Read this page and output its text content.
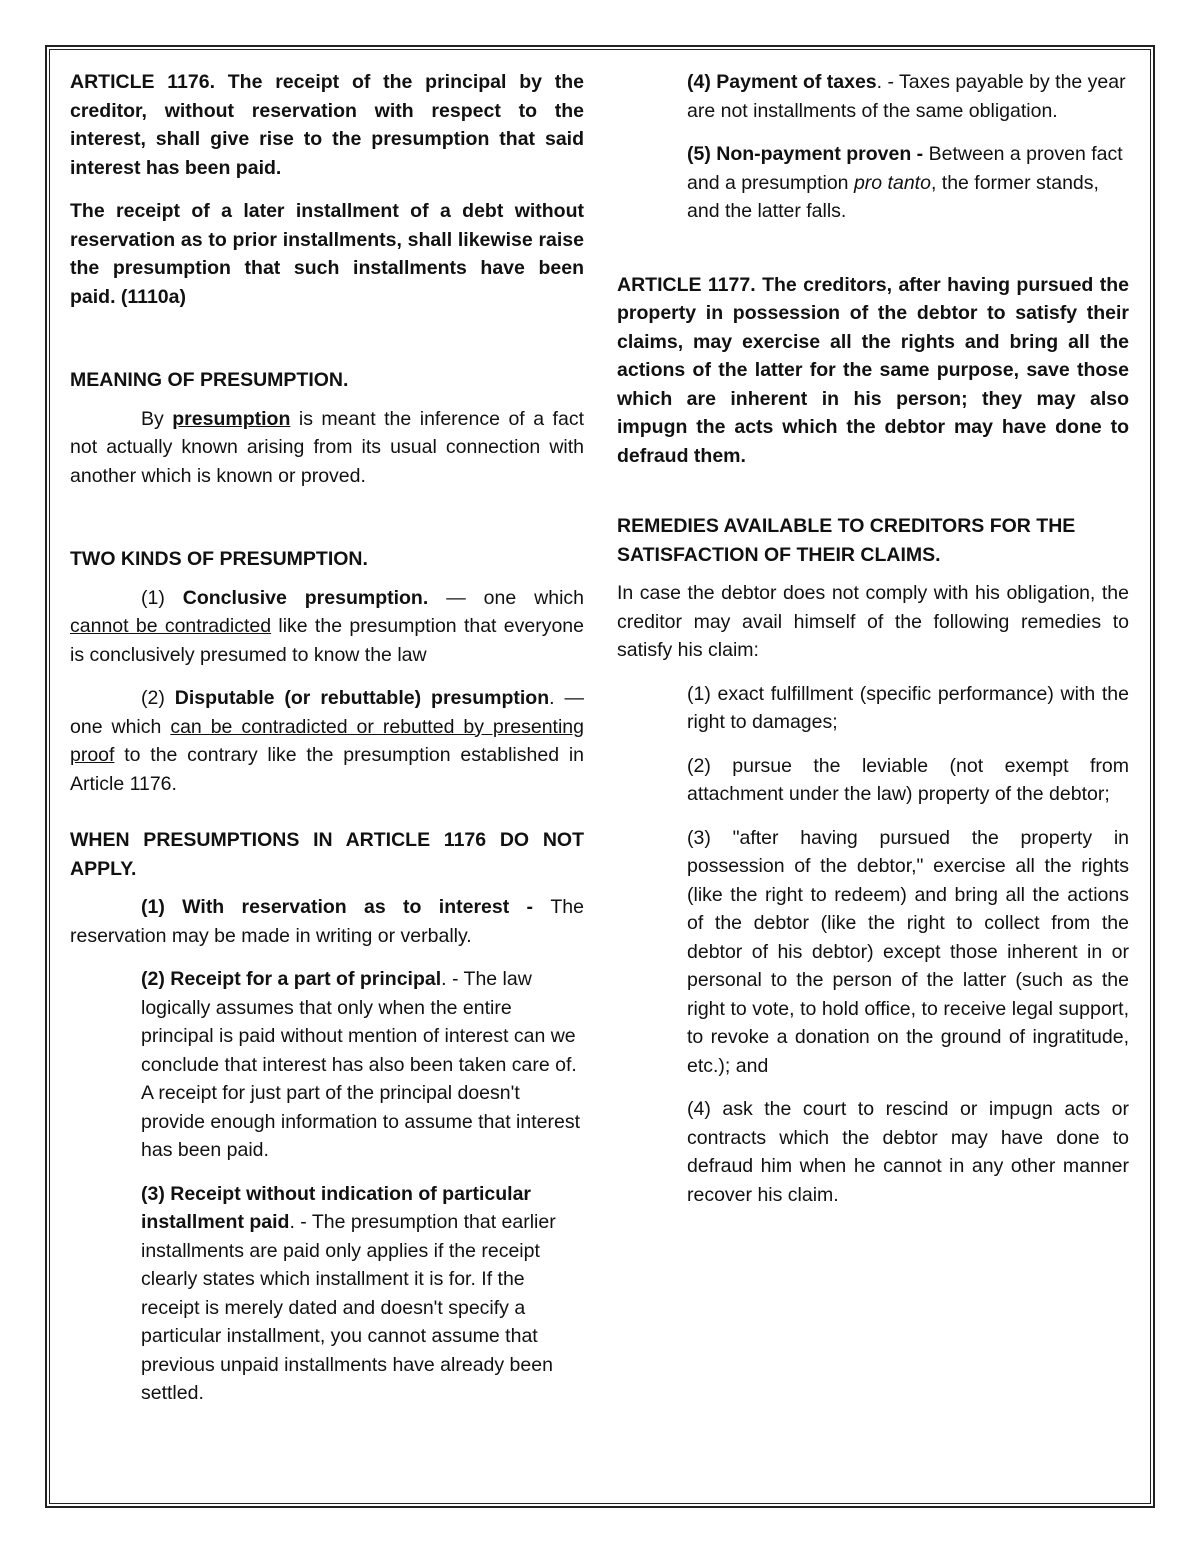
ARTICLE 1176. The receipt of the principal by the creditor, without reservation with respect to the interest, shall give rise to the presumption that said interest has been paid.

The receipt of a later installment of a debt without reservation as to prior installments, shall likewise raise the presumption that such installments have been paid. (1110a)

MEANING OF PRESUMPTION.

By presumption is meant the inference of a fact not actually known arising from its usual connection with another which is known or proved.

TWO KINDS OF PRESUMPTION.

(1) Conclusive presumption. — one which cannot be contradicted like the presumption that everyone is conclusively presumed to know the law

(2) Disputable (or rebuttable) presumption. — one which can be contradicted or rebutted by presenting proof to the contrary like the presumption established in Article 1176.

WHEN PRESUMPTIONS IN ARTICLE 1176 DO NOT APPLY.

(1) With reservation as to interest - The reservation may be made in writing or verbally.

(2) Receipt for a part of principal. - The law logically assumes that only when the entire principal is paid without mention of interest can we conclude that interest has also been taken care of. A receipt for just part of the principal doesn't provide enough information to assume that interest has been paid.

(3) Receipt without indication of particular installment paid. - The presumption that earlier installments are paid only applies if the receipt clearly states which installment it is for. If the receipt is merely dated and doesn't specify a particular installment, you cannot assume that previous unpaid installments have already been settled.

(4) Payment of taxes. - Taxes payable by the year are not installments of the same obligation.

(5) Non-payment proven - Between a proven fact and a presumption pro tanto, the former stands, and the latter falls.

ARTICLE 1177. The creditors, after having pursued the property in possession of the debtor to satisfy their claims, may exercise all the rights and bring all the actions of the latter for the same purpose, save those which are inherent in his person; they may also impugn the acts which the debtor may have done to defraud them.

REMEDIES AVAILABLE TO CREDITORS FOR THE SATISFACTION OF THEIR CLAIMS.

In case the debtor does not comply with his obligation, the creditor may avail himself of the following remedies to satisfy his claim:

(1) exact fulfillment (specific performance) with the right to damages;

(2) pursue the leviable (not exempt from attachment under the law) property of the debtor;

(3) "after having pursued the property in possession of the debtor," exercise all the rights (like the right to redeem) and bring all the actions of the debtor (like the right to collect from the debtor of his debtor) except those inherent in or personal to the person of the latter (such as the right to vote, to hold office, to receive legal support, to revoke a donation on the ground of ingratitude, etc.); and

(4) ask the court to rescind or impugn acts or contracts which the debtor may have done to defraud him when he cannot in any other manner recover his claim.
